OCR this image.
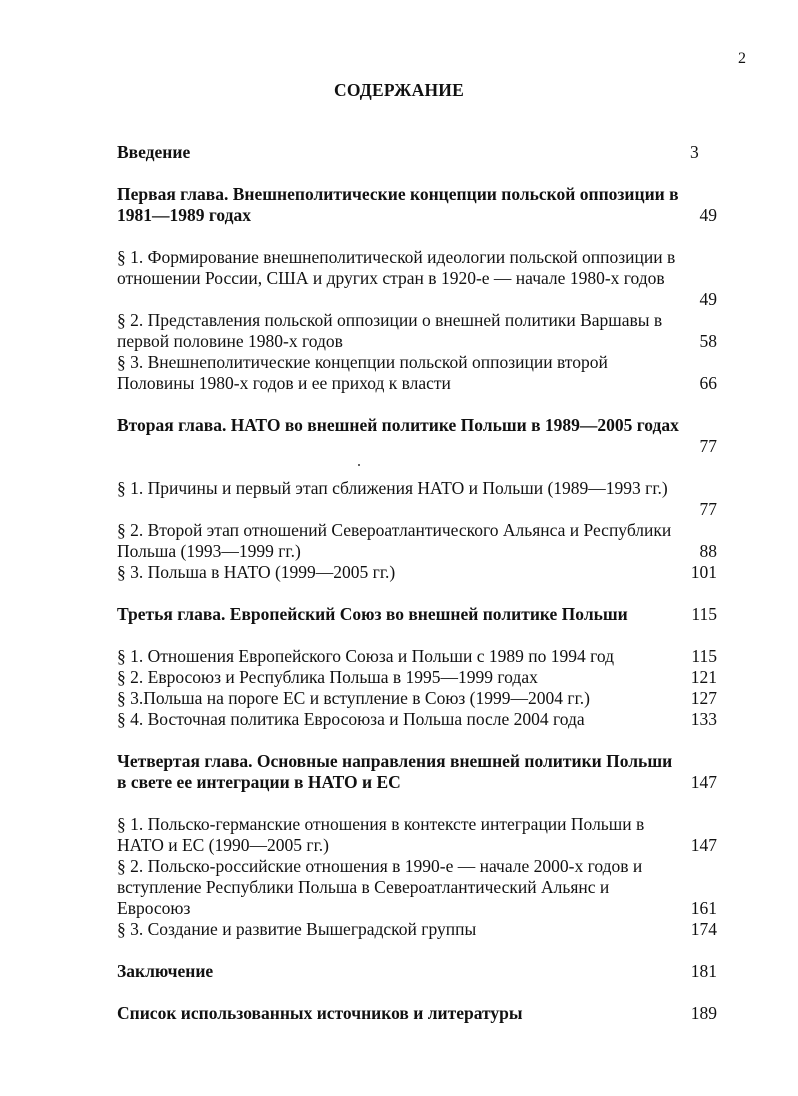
2
СОДЕРЖАНИЕ
Введение	3
Первая глава. Внешнеполитические концепции польской оппозиции в 1981—1989 годах	49
§ 1. Формирование внешнеполитической идеологии польской оппозиции в отношении России, США и других стран в 1920-е — начале 1980-х годов
49
§ 2. Представления польской оппозиции о внешней политики Варшавы в первой половине 1980-х годов	58
§ 3. Внешнеполитические концепции польской оппозиции второй Половины 1980-х годов и ее приход к власти	66
Вторая глава. НАТО во внешней политике Польши в 1989—2005 годах
77
§ 1. Причины и первый этап сближения НАТО и Польши (1989—1993 гг.)
77
§ 2. Второй этап отношений Североатлантического Альянса и Республики Польша (1993—1999 гг.)	88
§ 3. Польша в НАТО (1999—2005 гг.)	101
Третья глава. Европейский Союз во внешней политике Польши	115
§ 1. Отношения Европейского Союза и Польши с 1989 по 1994 год	115
§ 2. Евросоюз и Республика Польша в 1995—1999 годах	121
§ 3.Польша на пороге ЕС и вступление в Союз (1999—2004 гг.)	127
§ 4. Восточная политика Евросоюза и Польша после 2004 года	133
Четвертая глава. Основные направления внешней политики Польши в свете ее интеграции в НАТО и ЕС	147
§ 1. Польско-германские отношения в контексте интеграции Польши в НАТО и ЕС (1990—2005 гг.)	147
§ 2. Польско-российские отношения в 1990-е — начале 2000-х годов и вступление Республики Польша в Североатлантический Альянс и Евросоюз	161
§ 3. Создание и развитие Вышеградской группы	174
Заключение	181
Список использованных источников и литературы	189
